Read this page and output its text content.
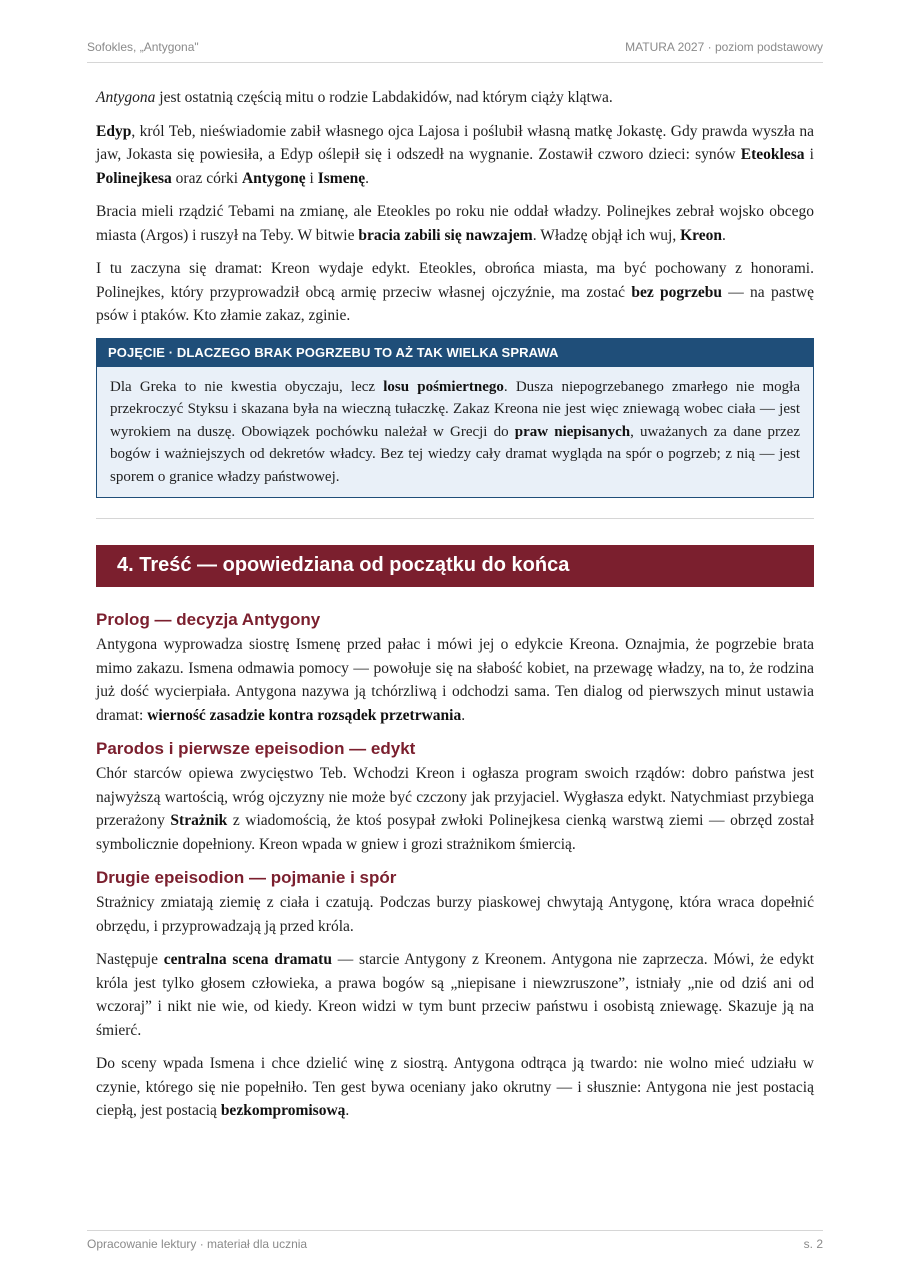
Sofokles, „Antygona"	MATURA 2027 · poziom podstawowy

Antygona jest ostatnią częścią mitu o rodzie Labdakidów, nad którym ciąży klątwa.

Edyp, król Teb, nieświadomie zabił własnego ojca Lajosa i poślubił własną matkę Jokastę. Gdy prawda wyszła na jaw, Jokasta się powiesiła, a Edyp oślepił się i odszedł na wygnanie. Zostawił czworo dzieci: synów Eteoklesa i Polinejkesa oraz córki Antygonę i Ismenę.

Bracia mieli rządzić Tebami na zmianę, ale Eteokles po roku nie oddał władzy. Polinejkes zebrał wojsko obcego miasta (Argos) i ruszył na Teby. W bitwie bracia zabili się nawzajem. Władzę objął ich wuj, Kreon.

I tu zaczyna się dramat: Kreon wydaje edykt. Eteokles, obrońca miasta, ma być pochowany z honorami. Polinejkes, który przyprowadził obcą armię przeciw własnej ojczyźnie, ma zostać bez pogrzebu — na pastwę psów i ptaków. Kto złamie zakaz, zginie.

POJĘCIE · DLACZEGO BRAK POGRZEBU TO AŻ TAK WIELKA SPRAWA

Dla Greka to nie kwestia obyczaju, lecz losu pośmiertnego. Dusza niepogrzebanego zmarłego nie mogła przekroczyć Styksu i skazana była na wieczną tułaczkę. Zakaz Kreona nie jest więc zniewagą wobec ciała — jest wyrokiem na duszę. Obowiązek pochówku należał w Grecji do praw niepisanych, uważanych za dane przez bogów i ważniejszych od dekretów władcy. Bez tej wiedzy cały dramat wygląda na spór o pogrzeb; z nią — jest sporem o granice władzy państwowej.

4. Treść — opowiedziana od początku do końca
Prolog — decyzja Antygony

Antygona wyprowadza siostrę Ismenę przed pałac i mówi jej o edykcie Kreona. Oznajmia, że pogrzebie brata mimo zakazu. Ismena odmawia pomocy — powołuje się na słabość kobiet, na przewagę władzy, na to, że rodzina już dość wycierpiała. Antygona nazywa ją tchórzliwą i odchodzi sama. Ten dialog od pierwszych minut ustawia dramat: wierność zasadzie kontra rozsądek przetrwania.

Parodos i pierwsze epeisodion — edykt

Chór starców opiewa zwycięstwo Teb. Wchodzi Kreon i ogłasza program swoich rządów: dobro państwa jest najwyższą wartością, wróg ojczyzny nie może być czczony jak przyjaciel. Wygłasza edykt. Natychmiast przybiega przerażony Strażnik z wiadomością, że ktoś posypał zwłoki Polinejkesa cienką warstwą ziemi — obrzęd został symbolicznie dopełniony. Kreon wpada w gniew i grozi strażnikom śmiercią.

Drugie epeisodion — pojmanie i spór

Strażnicy zmiatają ziemię z ciała i czatują. Podczas burzy piaskowej chwytają Antygonę, która wraca dopełnić obrzędu, i przyprowadzają ją przed króla.

Następuje centralna scena dramatu — starcie Antygony z Kreonem. Antygona nie zaprzecza. Mówi, że edykt króla jest tylko głosem człowieka, a prawa bogów są „niepisane i niewzruszone”, istniały „nie od dziś ani od wczoraj” i nikt nie wie, od kiedy. Kreon widzi w tym bunt przeciw państwu i osobistą zniewagę. Skazuje ją na śmierć.

Do sceny wpada Ismena i chce dzielić winę z siostrą. Antygona odtrąca ją twardo: nie wolno mieć udziału w czynie, którego się nie popełniło. Ten gest bywa oceniany jako okrutny — i słusznie: Antygona nie jest postacią ciepłą, jest postacią bezkompromisową.

Opracowanie lektury · materiał dla ucznia	s. 2
